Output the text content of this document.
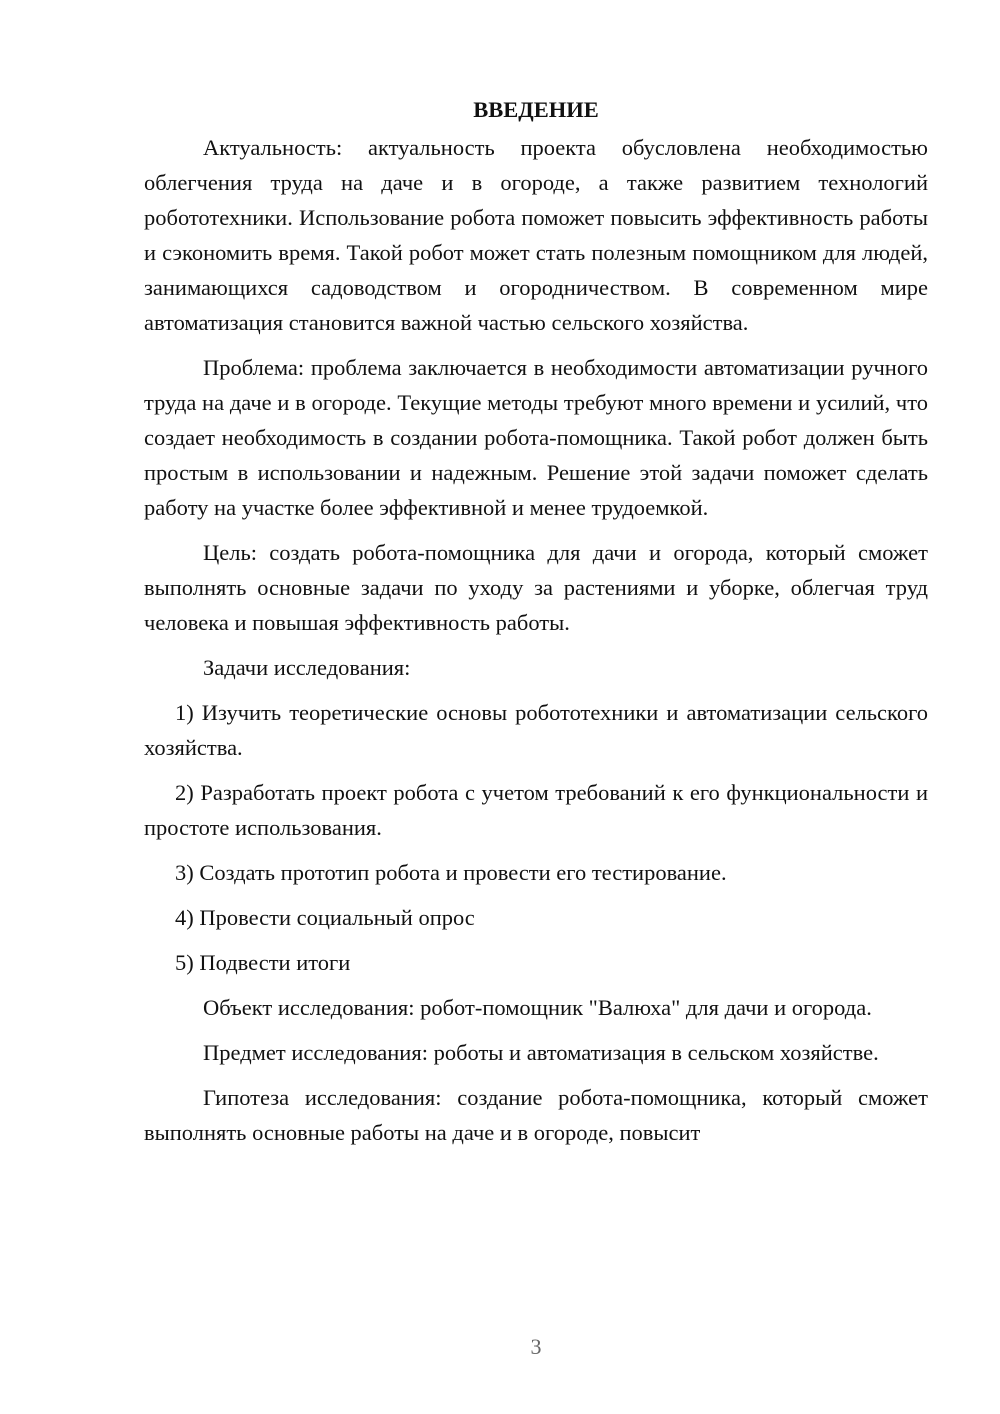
ВВЕДЕНИЕ

Актуальность: актуальность проекта обусловлена необходимостью облегчения труда на даче и в огороде, а также развитием технологий робототехники. Использование робота поможет повысить эффективность работы и сэкономить время. Такой робот может стать полезным помощником для людей, занимающихся садоводством и огородничеством. В современном мире автоматизация становится важной частью сельского хозяйства.

Проблема: проблема заключается в необходимости автоматизации ручного труда на даче и в огороде. Текущие методы требуют много времени и усилий, что создает необходимость в создании робота-помощника. Такой робот должен быть простым в использовании и надежным. Решение этой задачи поможет сделать работу на участке более эффективной и менее трудоемкой.

Цель: создать робота-помощника для дачи и огорода, который сможет выполнять основные задачи по уходу за растениями и уборке, облегчая труд человека и повышая эффективность работы.

Задачи исследования:

1) Изучить теоретические основы робототехники и автоматизации сельского хозяйства.

2) Разработать проект робота с учетом требований к его функциональности и простоте использования.

3) Создать прототип робота и провести его тестирование.

4) Провести социальный опрос

5) Подвести итоги

Объект исследования: робот-помощник "Валюха" для дачи и огорода.

Предмет исследования: роботы и автоматизация в сельском хозяйстве.

Гипотеза исследования: создание робота-помощника, который сможет выполнять основные работы на даче и в огороде, повысит

3
